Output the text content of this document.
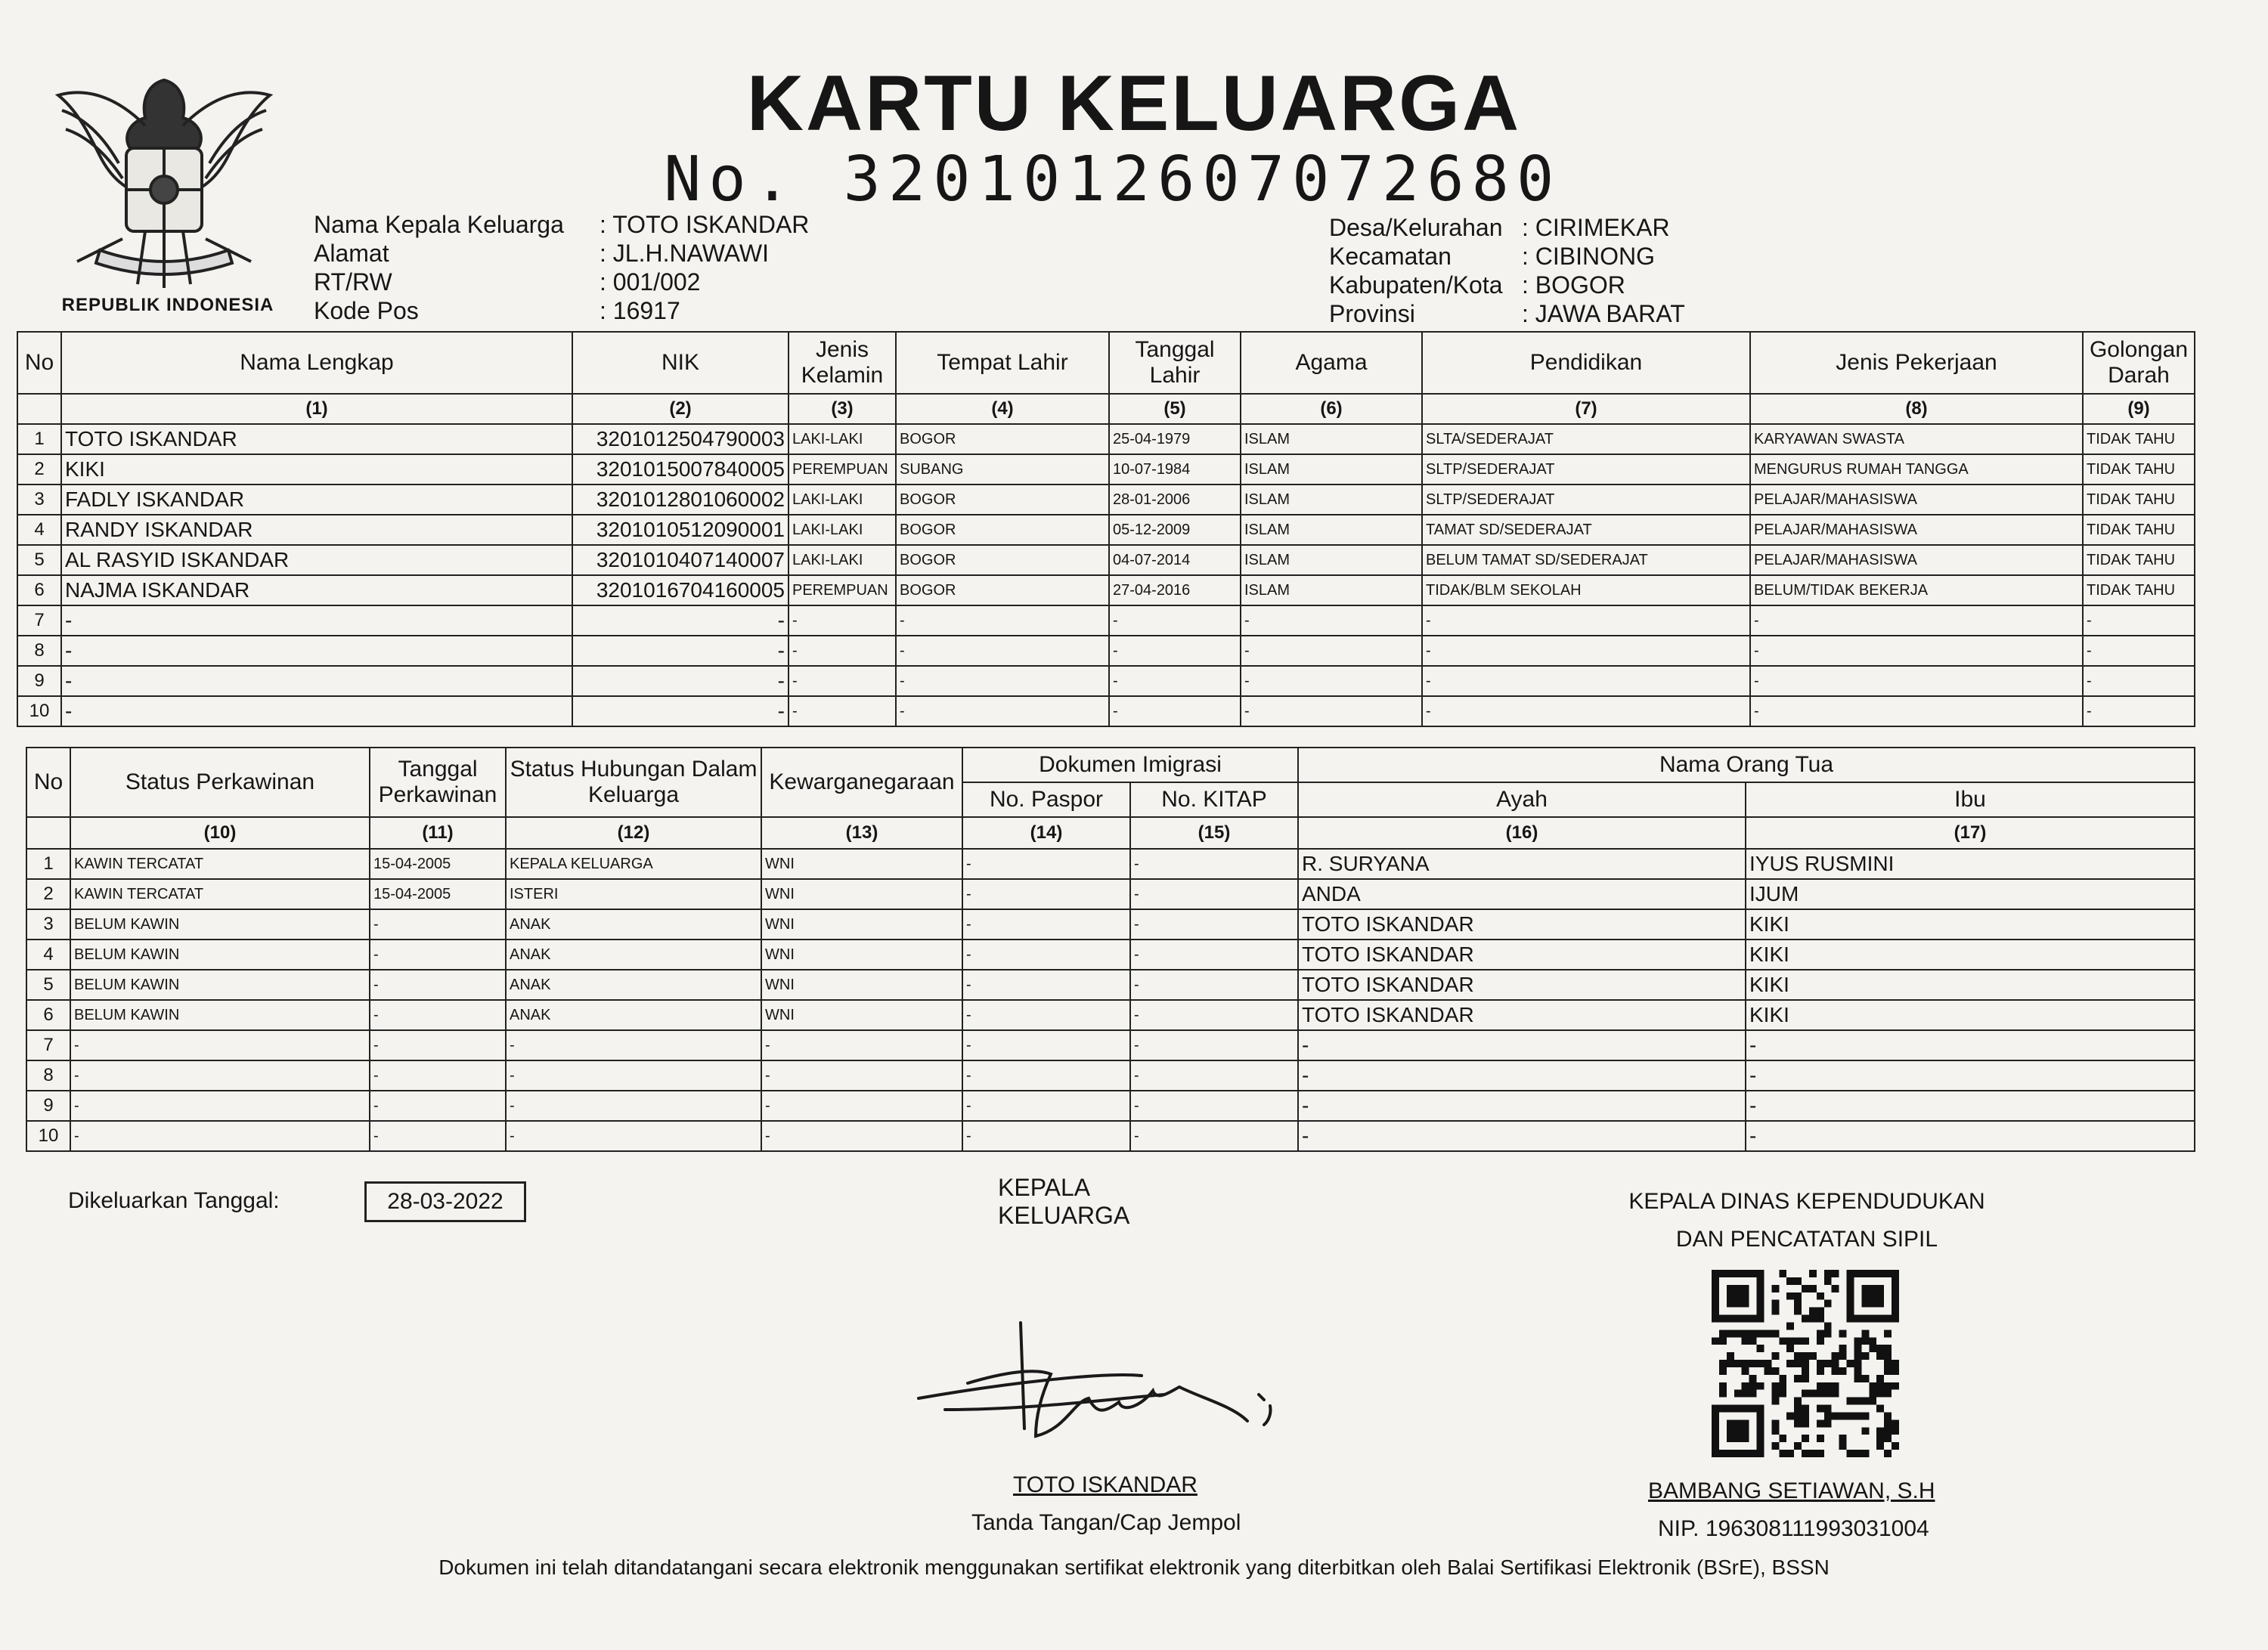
REPUBLIK INDONESIA
KARTU KELUARGA
No. 3201012607072680
Nama Kepala Keluarga : TOTO ISKANDAR
Alamat	: JL.H.NAWAWI
RT/RW	: 001/002
Kode Pos	: 16917
Desa/Kelurahan : CIRIMEKAR
Kecamatan	: CIBINONG
Kabupaten/Kota : BOGOR
Provinsi	: JAWA BARAT
No	Nama Lengkap	NIK	Jenis Kelamin	Tempat Lahir	Tanggal Lahir	Agama	Pendidikan	Jenis Pekerjaan	Golongan Darah
	(1)	(2)	(3)	(4)	(5)	(6)	(7)	(8)	(9)
1	TOTO ISKANDAR	3201012504790003	LAKI-LAKI	BOGOR	25-04-1979	ISLAM	SLTA/SEDERAJAT	KARYAWAN SWASTA	TIDAK TAHU
2	KIKI	3201015007840005	PEREMPUAN	SUBANG	10-07-1984	ISLAM	SLTP/SEDERAJAT	MENGURUS RUMAH TANGGA	TIDAK TAHU
3	FADLY ISKANDAR	3201012801060002	LAKI-LAKI	BOGOR	28-01-2006	ISLAM	SLTP/SEDERAJAT	PELAJAR/MAHASISWA	TIDAK TAHU
4	RANDY ISKANDAR	3201010512090001	LAKI-LAKI	BOGOR	05-12-2009	ISLAM	TAMAT SD/SEDERAJAT	PELAJAR/MAHASISWA	TIDAK TAHU
5	AL RASYID ISKANDAR	3201010407140007	LAKI-LAKI	BOGOR	04-07-2014	ISLAM	BELUM TAMAT SD/SEDERAJAT	PELAJAR/MAHASISWA	TIDAK TAHU
6	NAJMA ISKANDAR	3201016704160005	PEREMPUAN	BOGOR	27-04-2016	ISLAM	TIDAK/BLM SEKOLAH	BELUM/TIDAK BEKERJA	TIDAK TAHU
7	-	-	-	-	-	-	-	-	-
8	-	-	-	-	-	-	-	-	-
9	-	-	-	-	-	-	-	-	-
10	-	-	-	-	-	-	-	-	-
No	Status Perkawinan	Tanggal Perkawinan	Status Hubungan Dalam Keluarga	Kewarganegaraan	Dokumen Imigrasi		Nama Orang Tua	
					No. Paspor	No. KITAP	Ayah	Ibu
	(10)	(11)	(12)	(13)	(14)	(15)	(16)	(17)
1	KAWIN TERCATAT	15-04-2005	KEPALA KELUARGA	WNI	-	-	R. SURYANA	IYUS RUSMINI
2	KAWIN TERCATAT	15-04-2005	ISTERI	WNI	-	-	ANDA	IJUM
3	BELUM KAWIN	-	ANAK	WNI	-	-	TOTO ISKANDAR	KIKI
4	BELUM KAWIN	-	ANAK	WNI	-	-	TOTO ISKANDAR	KIKI
5	BELUM KAWIN	-	ANAK	WNI	-	-	TOTO ISKANDAR	KIKI
6	BELUM KAWIN	-	ANAK	WNI	-	-	TOTO ISKANDAR	KIKI
7	-	-	-	-	-	-	-	-
8	-	-	-	-	-	-	-	-
9	-	-	-	-	-	-	-	-
10	-	-	-	-	-	-	-	-
Dikeluarkan Tanggal:	28-03-2022
KEPALA KELUARGA
KEPALA DINAS KEPENDUDUKAN
DAN PENCATATAN SIPIL
TOTO ISKANDAR
Tanda Tangan/Cap Jempol
BAMBANG SETIAWAN, S.H
NIP. 196308111993031004
Dokumen ini telah ditandatangani secara elektronik menggunakan sertifikat elektronik yang diterbitkan oleh Balai Sertifikasi Elektronik (BSrE), BSSN
